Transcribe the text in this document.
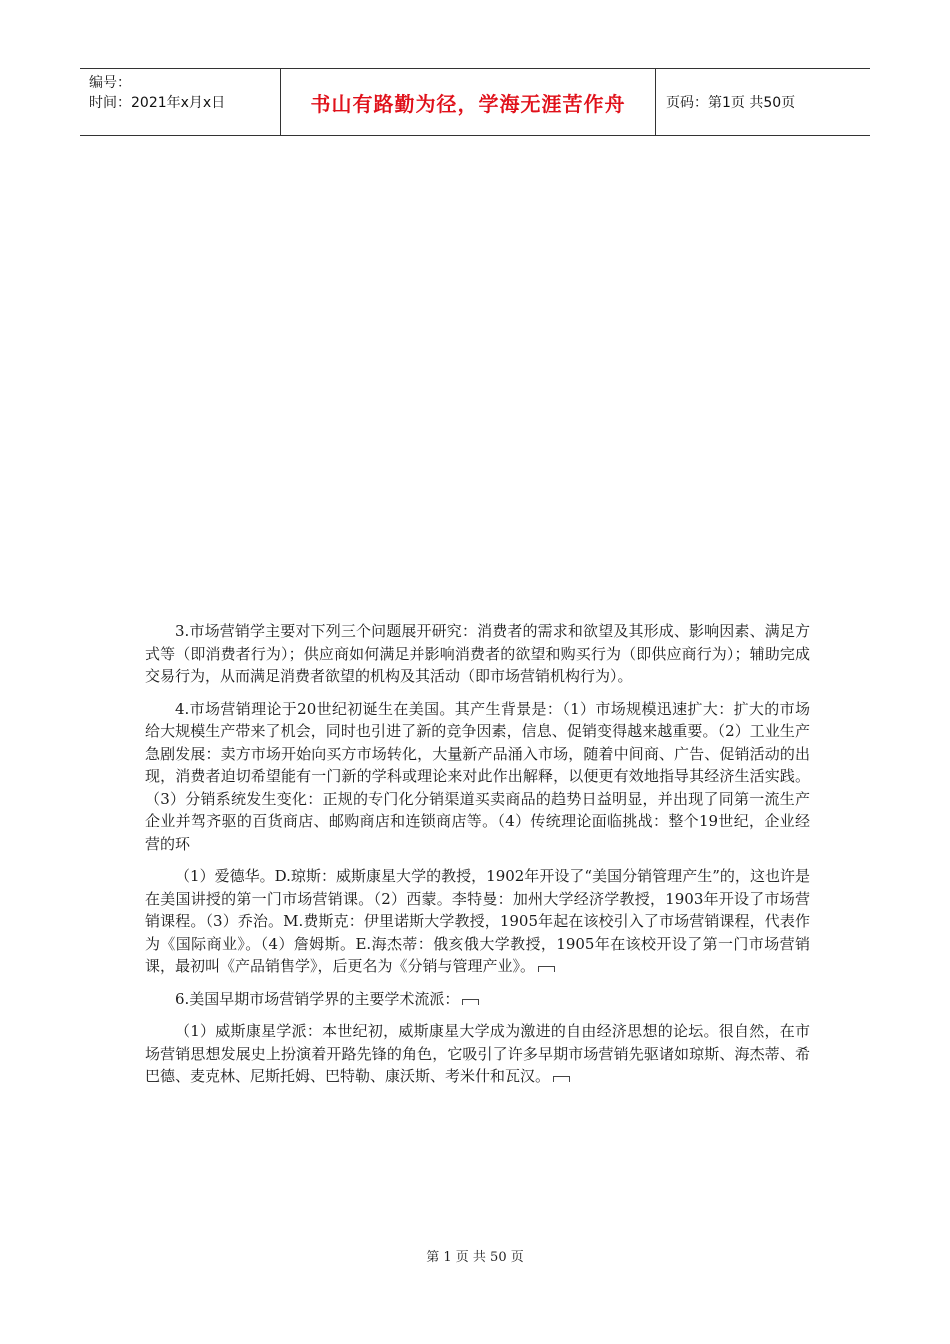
编号：
时间：2021年x月x日	书山有路勤为径，学海无涯苦作舟	页码：第1页 共50页

3.市场营销学主要对下列三个问题展开研究：消费者的需求和欲望及其形成、影响因素、满足方式等（即消费者行为）；供应商如何满足并影响消费者的欲望和购买行为（即供应商行为）；辅助完成交易行为，从而满足消费者欲望的机构及其活动（即市场营销机构行为）。

4.市场营销理论于20世纪初诞生在美国。其产生背景是：（1）市场规模迅速扩大：扩大的市场给大规模生产带来了机会，同时也引进了新的竞争因素，信息、促销变得越来越重要。（2）工业生产急剧发展：卖方市场开始向买方市场转化，大量新产品涌入市场，随着中间商、广告、促销活动的出现，消费者迫切希望能有一门新的学科或理论来对此作出解释，以便更有效地指导其经济生活实践。（3）分销系统发生变化：正规的专门化分销渠道买卖商品的趋势日益明显，并出现了同第一流生产企业并驾齐驱的百货商店、邮购商店和连锁商店等。（4）传统理论面临挑战：整个19世纪，企业经营的环

（1）爱德华。D.琼斯：威斯康星大学的教授，1902年开设了“美国分销管理产生”的，这也许是在美国讲授的第一门市场营销课。（2）西蒙。李特曼：加州大学经济学教授，1903年开设了市场营销课程。（3）乔治。M.费斯克：伊里诺斯大学教授，1905年起在该校引入了市场营销课程，代表作为《国际商业》。（4）詹姆斯。E.海杰蒂：俄亥俄大学教授，1905年在该校开设了第一门市场营销课，最初叫《产品销售学》，后更名为《分销与管理产业》。

6.美国早期市场营销学界的主要学术流派：

（1）威斯康星学派：本世纪初，威斯康星大学成为激进的自由经济思想的论坛。很自然，在市场营销思想发展史上扮演着开路先锋的角色，它吸引了许多早期市场营销先驱诸如琼斯、海杰蒂、希巴德、麦克林、尼斯托姆、巴特勒、康沃斯、考米什和瓦汉。

第 1 页 共 50 页
